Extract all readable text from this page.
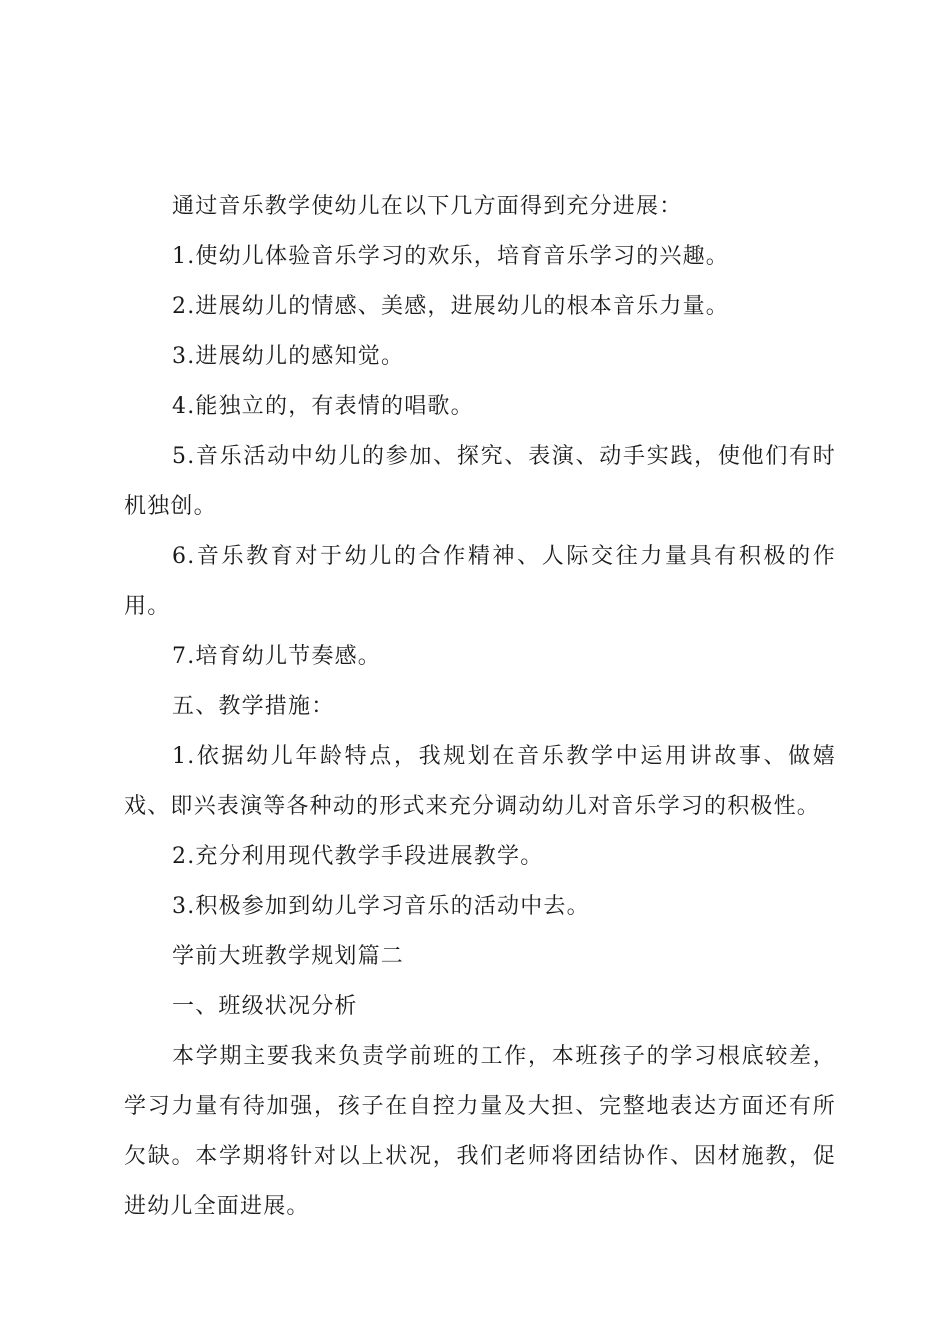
通过音乐教学使幼儿在以下几方面得到充分进展：

1.使幼儿体验音乐学习的欢乐，培育音乐学习的兴趣。

2.进展幼儿的情感、美感，进展幼儿的根本音乐力量。

3.进展幼儿的感知觉。

4.能独立的，有表情的唱歌。

5.音乐活动中幼儿的参加、探究、表演、动手实践，使他们有时机独创。

6.音乐教育对于幼儿的合作精神、人际交往力量具有积极的作用。

7.培育幼儿节奏感。

五、教学措施：

1.依据幼儿年龄特点，我规划在音乐教学中运用讲故事、做嬉戏、即兴表演等各种动的形式来充分调动幼儿对音乐学习的积极性。

2.充分利用现代教学手段进展教学。

3.积极参加到幼儿学习音乐的活动中去。

学前大班教学规划篇二

一、班级状况分析

本学期主要我来负责学前班的工作，本班孩子的学习根底较差，学习力量有待加强，孩子在自控力量及大担、完整地表达方面还有所欠缺。本学期将针对以上状况，我们老师将团结协作、因材施教，促进幼儿全面进展。
